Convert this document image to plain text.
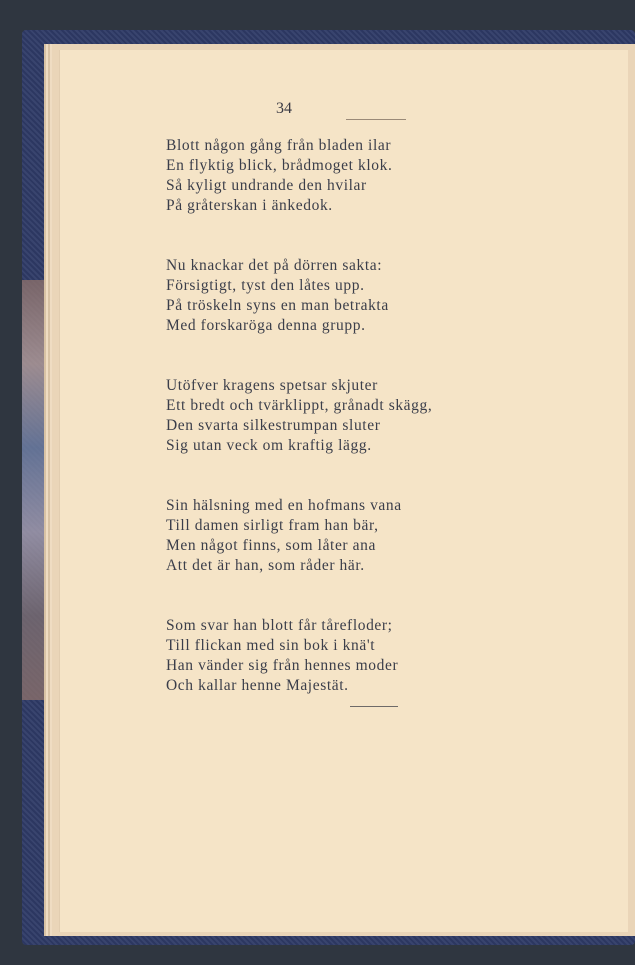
34
Blott någon gång från bladen ilar
En flyktig blick, brådmoget klok.
Så kyligt undrande den hvilar
På gråterskan i änkedok.
Nu knackar det på dörren sakta:
Försigtigt, tyst den låtes upp.
På tröskeln syns en man betrakta
Med forskaröga denna grupp.
Utöfver kragens spetsar skjuter
Ett bredt och tvärklippt, grånadt skägg,
Den svarta silkestrumpan sluter
Sig utan veck om kraftig lägg.
Sin hälsning med en hofmans vana
Till damen sirligt fram han bär,
Men något finns, som låter ana
Att det är han, som råder här.
Som svar han blott får tårefloder;
Till flickan med sin bok i knä't
Han vänder sig från hennes moder
Och kallar henne Majestät.
